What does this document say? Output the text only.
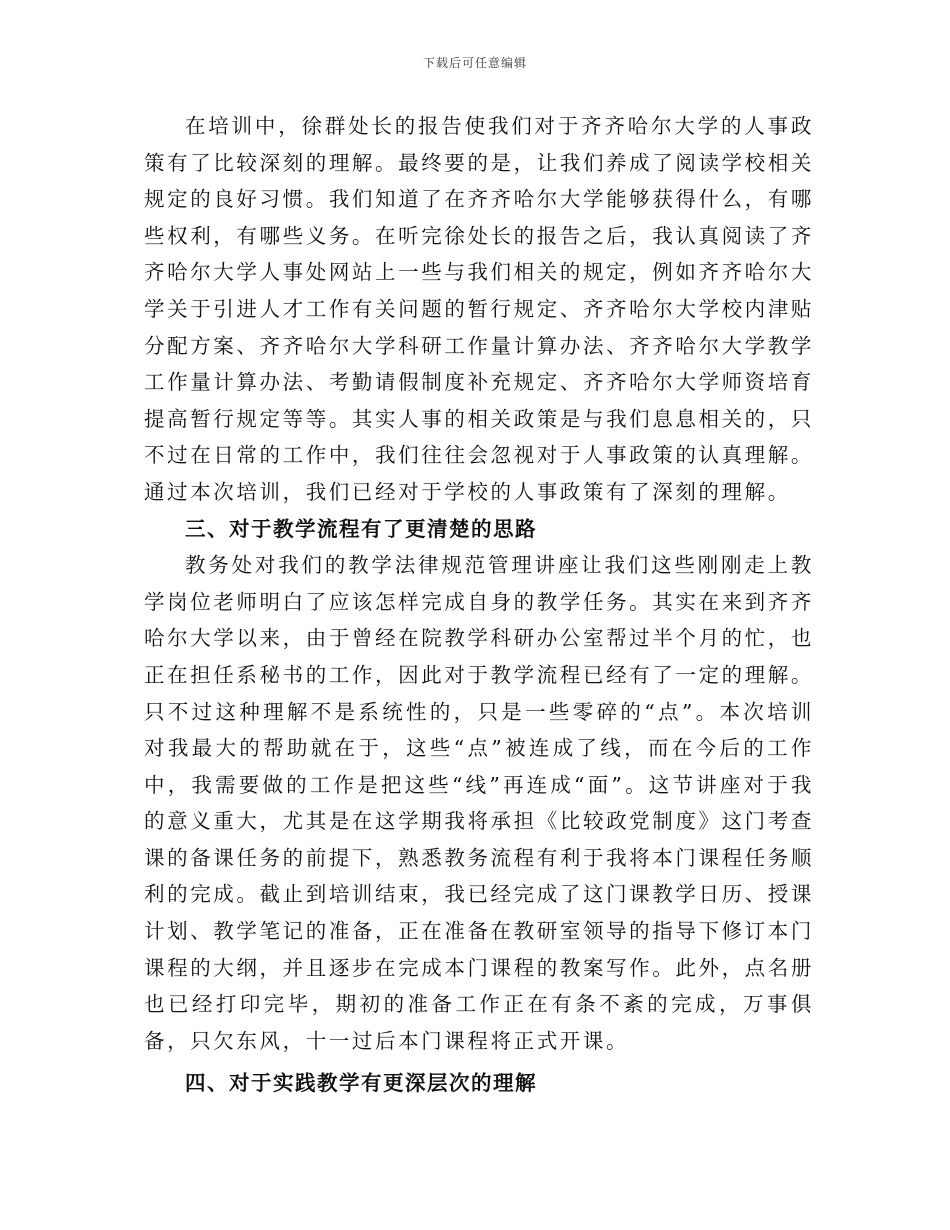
下载后可任意编辑

在培训中，徐群处长的报告使我们对于齐齐哈尔大学的人事政策有了比较深刻的理解。最终要的是，让我们养成了阅读学校相关规定的良好习惯。我们知道了在齐齐哈尔大学能够获得什么，有哪些权利，有哪些义务。在听完徐处长的报告之后，我认真阅读了齐齐哈尔大学人事处网站上一些与我们相关的规定，例如齐齐哈尔大学关于引进人才工作有关问题的暂行规定、齐齐哈尔大学校内津贴分配方案、齐齐哈尔大学科研工作量计算办法、齐齐哈尔大学教学工作量计算办法、考勤请假制度补充规定、齐齐哈尔大学师资培育提高暂行规定等等。其实人事的相关政策是与我们息息相关的，只不过在日常的工作中，我们往往会忽视对于人事政策的认真理解。通过本次培训，我们已经对于学校的人事政策有了深刻的理解。

三、对于教学流程有了更清楚的思路

教务处对我们的教学法律规范管理讲座让我们这些刚刚走上教学岗位老师明白了应该怎样完成自身的教学任务。其实在来到齐齐哈尔大学以来，由于曾经在院教学科研办公室帮过半个月的忙，也正在担任系秘书的工作，因此对于教学流程已经有了一定的理解。只不过这种理解不是系统性的，只是一些零碎的“点”。本次培训对我最大的帮助就在于，这些“点”被连成了线，而在今后的工作中，我需要做的工作是把这些“线”再连成“面”。这节讲座对于我的意义重大，尤其是在这学期我将承担《比较政党制度》这门考查课的备课任务的前提下，熟悉教务流程有利于我将本门课程任务顺利的完成。截止到培训结束，我已经完成了这门课教学日历、授课计划、教学笔记的准备，正在准备在教研室领导的指导下修订本门课程的大纲，并且逐步在完成本门课程的教案写作。此外，点名册也已经打印完毕，期初的准备工作正在有条不紊的完成，万事俱备，只欠东风，十一过后本门课程将正式开课。

四、对于实践教学有更深层次的理解
